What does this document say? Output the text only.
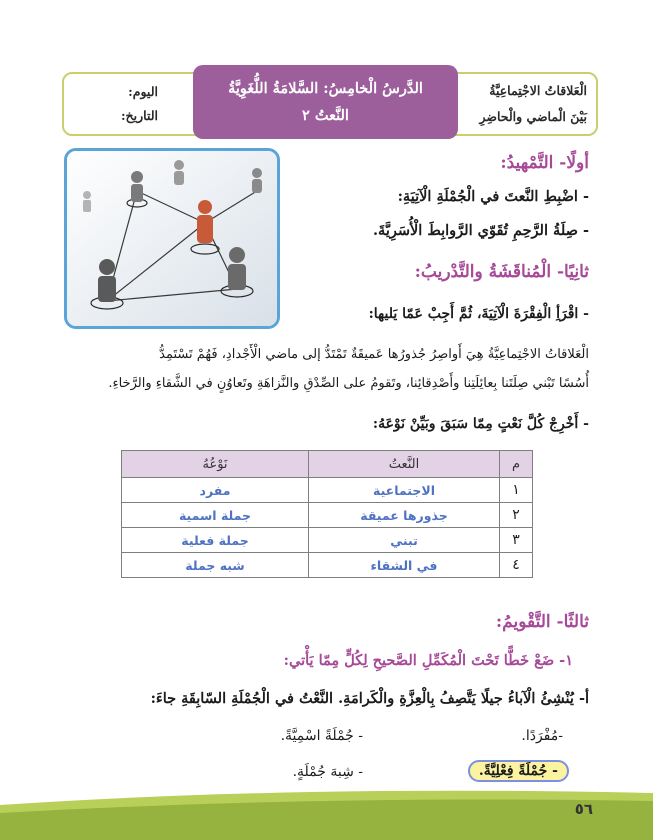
الْعَلاقاتُ الاجْتِماعِيَّةُ
بَيْنَ الْماضي والْحاضِرِ
اليوم:
التاريخ:
الدَّرسُ الْخامِسُ: السَّلامَةُ اللُّغَوِيَّةُ
النَّعتُ ٢
أولًا- التَّمْهيدُ:
- اضْبِطِ النَّعتَ في الْجُمْلَةِ الْآتِيَةِ:
- صِلَةُ الرَّحِمِ تُقَوّي الرَّوابِطَ الْأُسَرِيَّةَ.
ثانِيًا- الْمُناقَشَةُ والتَّدْريبُ:
- اقْرَأِ الْفِقْرَةَ الْآتِيَةَ، ثُمَّ أَجِبْ عَمّا يَليها:
الْعَلاقاتُ الاجْتِماعِيَّةُ هِيَ أَواصِرُ جُذورُها عَميقَةٌ تَمْتَدُّ إلى ماضي الْأَجْدادِ، فَهُمْ تَسْتَمِدُّ
أُسُسًا تَبْني صِلَتَنا بِعائِلَتِنا وأَصْدِقائِنا، وتَقومُ على الصِّدْقِ والنَّزاهَةِ وتَعاوُنٍ في الشَّقاءِ والرَّخاءِ.
- أَخْرِجْ كُلَّ نَعْتٍ مِمّا سَبَقَ وبَيِّنْ نَوْعَهُ:
م	النَّعتُ	نَوْعُهُ
١	الاجتماعية	مفرد
٢	جذورها عميقة	جملة اسمية
٣	تبني	جملة فعلية
٤	في الشقاء	شبه جملة
ثالثًا- التَّقْويمُ:
١- ضَعْ خَطًّا تَحْتَ الْمُكَمِّلِ الصَّحيحِ لِكُلٍّ مِمّا يَأْتي:
أ- يُنْشِئُ الْآباءُ جيلًا يَتَّصِفُ بِالْعِزَّةِ والْكَرامَةِ. النَّعْتُ في الْجُمْلَةِ السّابِقَةِ جاءَ:
-مُفْرَدًا.
- جُمْلَةً اسْمِيَّةً.
- جُمْلَةً فِعْلِيَّةً.
- شِبهَ جُمْلَةٍ.
٥٦
